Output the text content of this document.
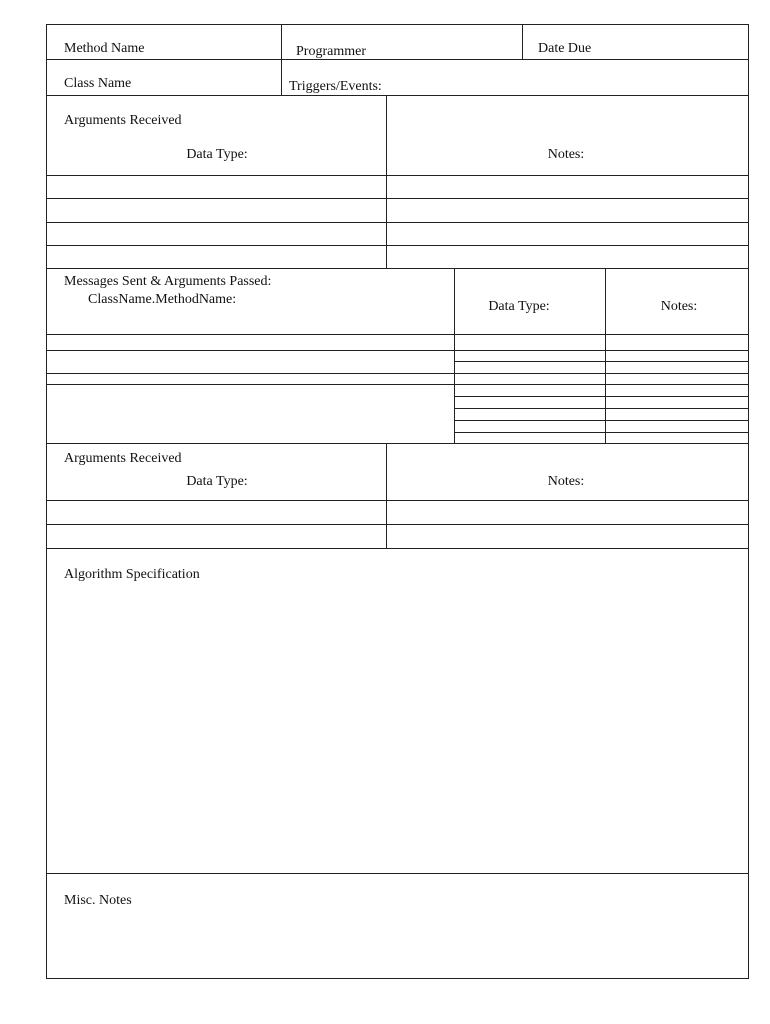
Method Name	Programmer	Date Due
Class Name	Triggers/Events:
Arguments Received
Data Type:	Notes:
Messages Sent & Arguments Passed:
ClassName.MethodName:	Data Type:	Notes:
Arguments Received
Data Type:	Notes:
Algorithm Specification
Misc. Notes
